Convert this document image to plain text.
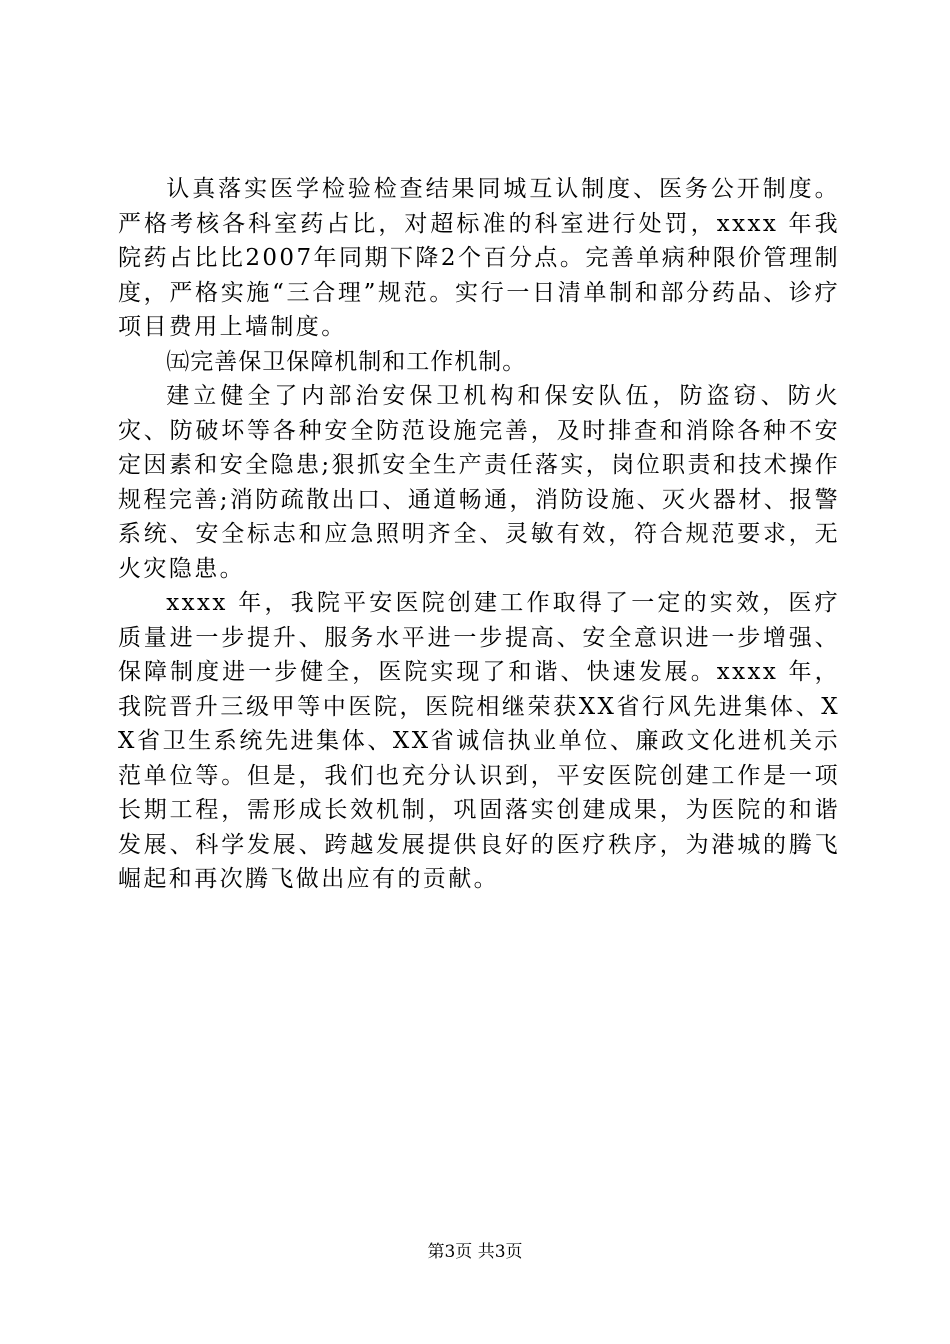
认真落实医学检验检查结果同城互认制度、医务公开制度。严格考核各科室药占比，对超标准的科室进行处罚，xxxx 年我院药占比比2007年同期下降2个百分点。完善单病种限价管理制度，严格实施“三合理”规范。实行一日清单制和部分药品、诊疗项目费用上墙制度。

㈤完善保卫保障机制和工作机制。

建立健全了内部治安保卫机构和保安队伍，防盗窃、防火灾、防破坏等各种安全防范设施完善，及时排查和消除各种不安定因素和安全隐患;狠抓安全生产责任落实，岗位职责和技术操作规程完善;消防疏散出口、通道畅通，消防设施、灭火器材、报警系统、安全标志和应急照明齐全、灵敏有效，符合规范要求，无火灾隐患。

xxxx 年，我院平安医院创建工作取得了一定的实效，医疗质量进一步提升、服务水平进一步提高、安全意识进一步增强、保障制度进一步健全，医院实现了和谐、快速发展。xxxx 年，我院晋升三级甲等中医院，医院相继荣获XX省行风先进集体、XX省卫生系统先进集体、XX省诚信执业单位、廉政文化进机关示范单位等。但是，我们也充分认识到，平安医院创建工作是一项长期工程，需形成长效机制，巩固落实创建成果，为医院的和谐发展、科学发展、跨越发展提供良好的医疗秩序，为港城的腾飞崛起和再次腾飞做出应有的贡献。

第3页 共3页
